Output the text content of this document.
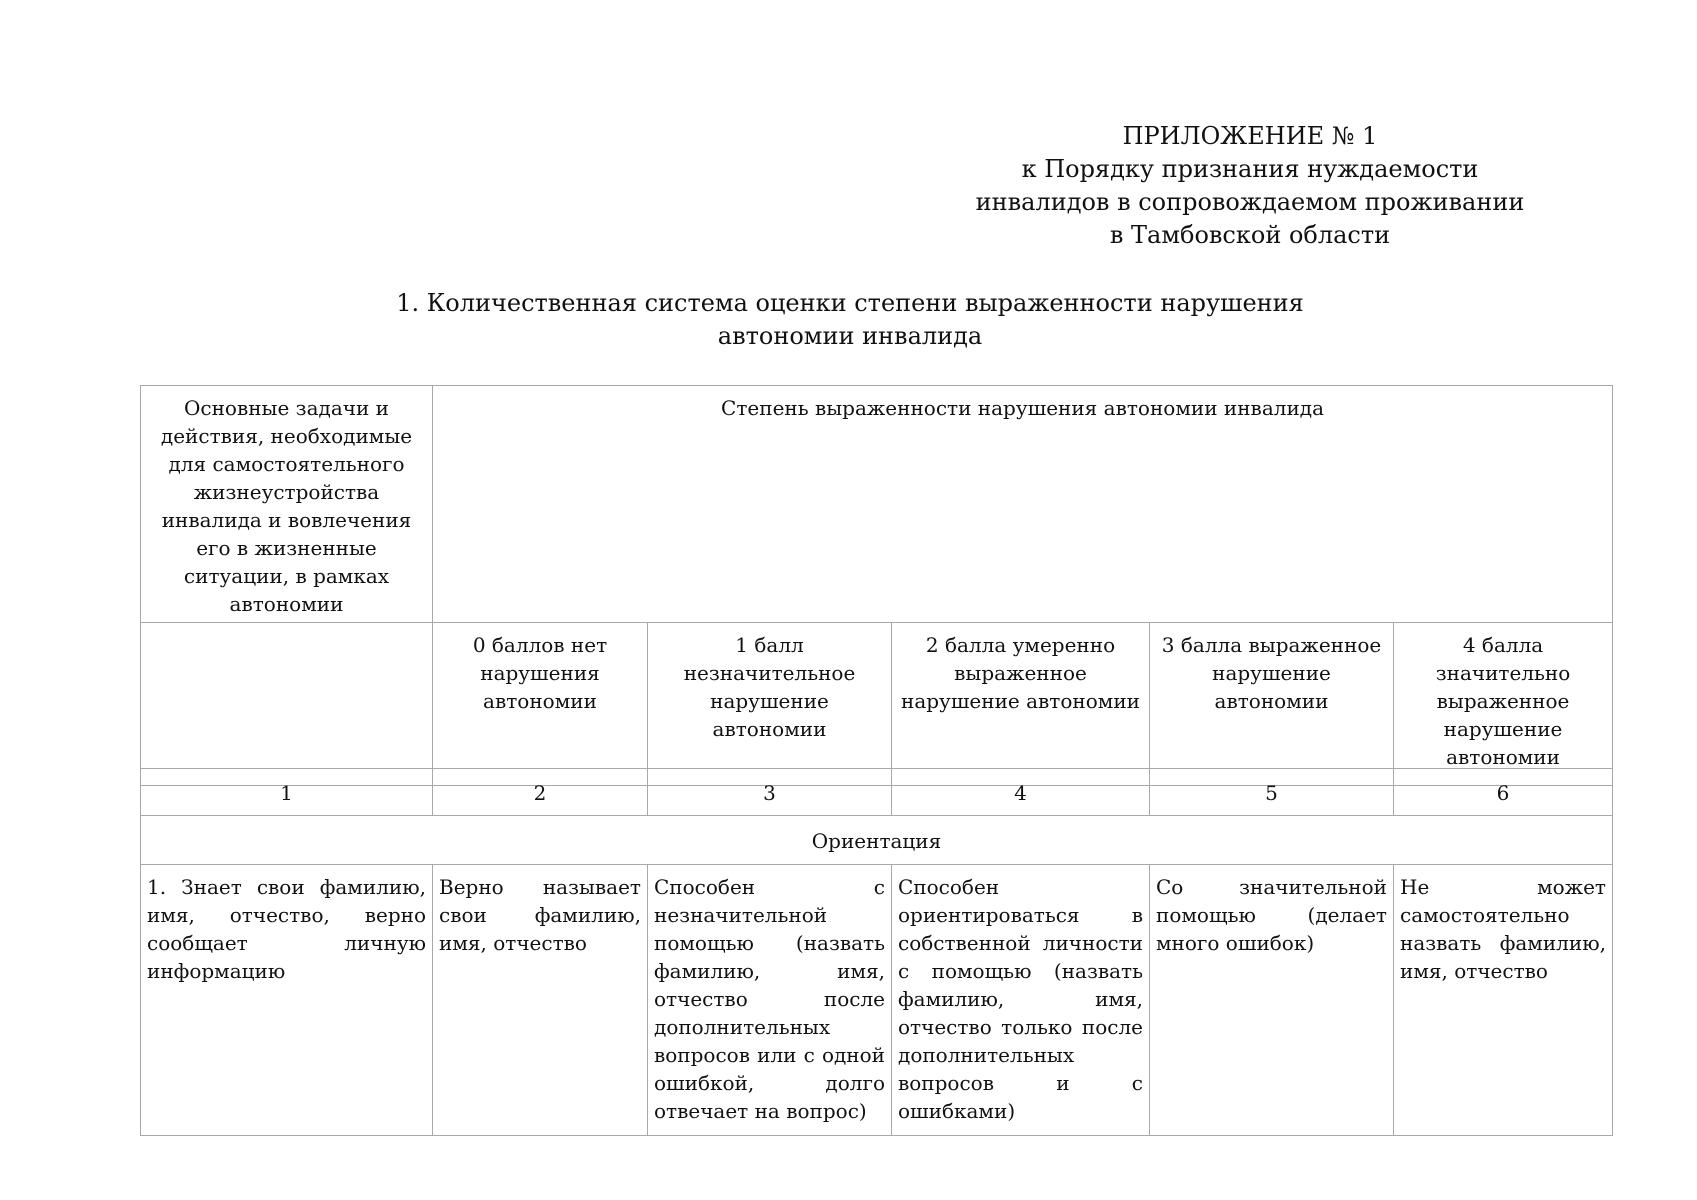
ПРИЛОЖЕНИЕ № 1
к Порядку признания нуждаемости
инвалидов в сопровождаемом проживании
в Тамбовской области
1. Количественная система оценки степени выраженности нарушения
автономии инвалида
Основные задачи и действия, необходимые для самостоятельного жизнеустройства инвалида и вовлечения его в жизненные ситуации, в рамках автономии	Степень выраженности нарушения автономии инвалида				

	0 баллов нет нарушения автономии	1 балл незначительное нарушение автономии	2 балла умеренно выраженное нарушение автономии	3 балла выраженное нарушение автономии	4 балла значительно выраженное нарушение автономии
1	2	3	4	5	6

Ориентация					

1. Знает свои фамилию, имя, отчество, верно сообщает личную информацию	Верно называет свои фамилию, имя, отчество	Способен с незначительной помощью (назвать фамилию, имя, отчество после дополнительных вопросов или с одной ошибкой, долго отвечает на вопрос)	Способен ориентироваться в собственной личности с помощью (назвать фамилию, имя, отчество только после дополнительных вопросов и с ошибками)	Со значительной помощью (делает много ошибок)	Не может самостоятельно назвать фамилию, имя, отчество
